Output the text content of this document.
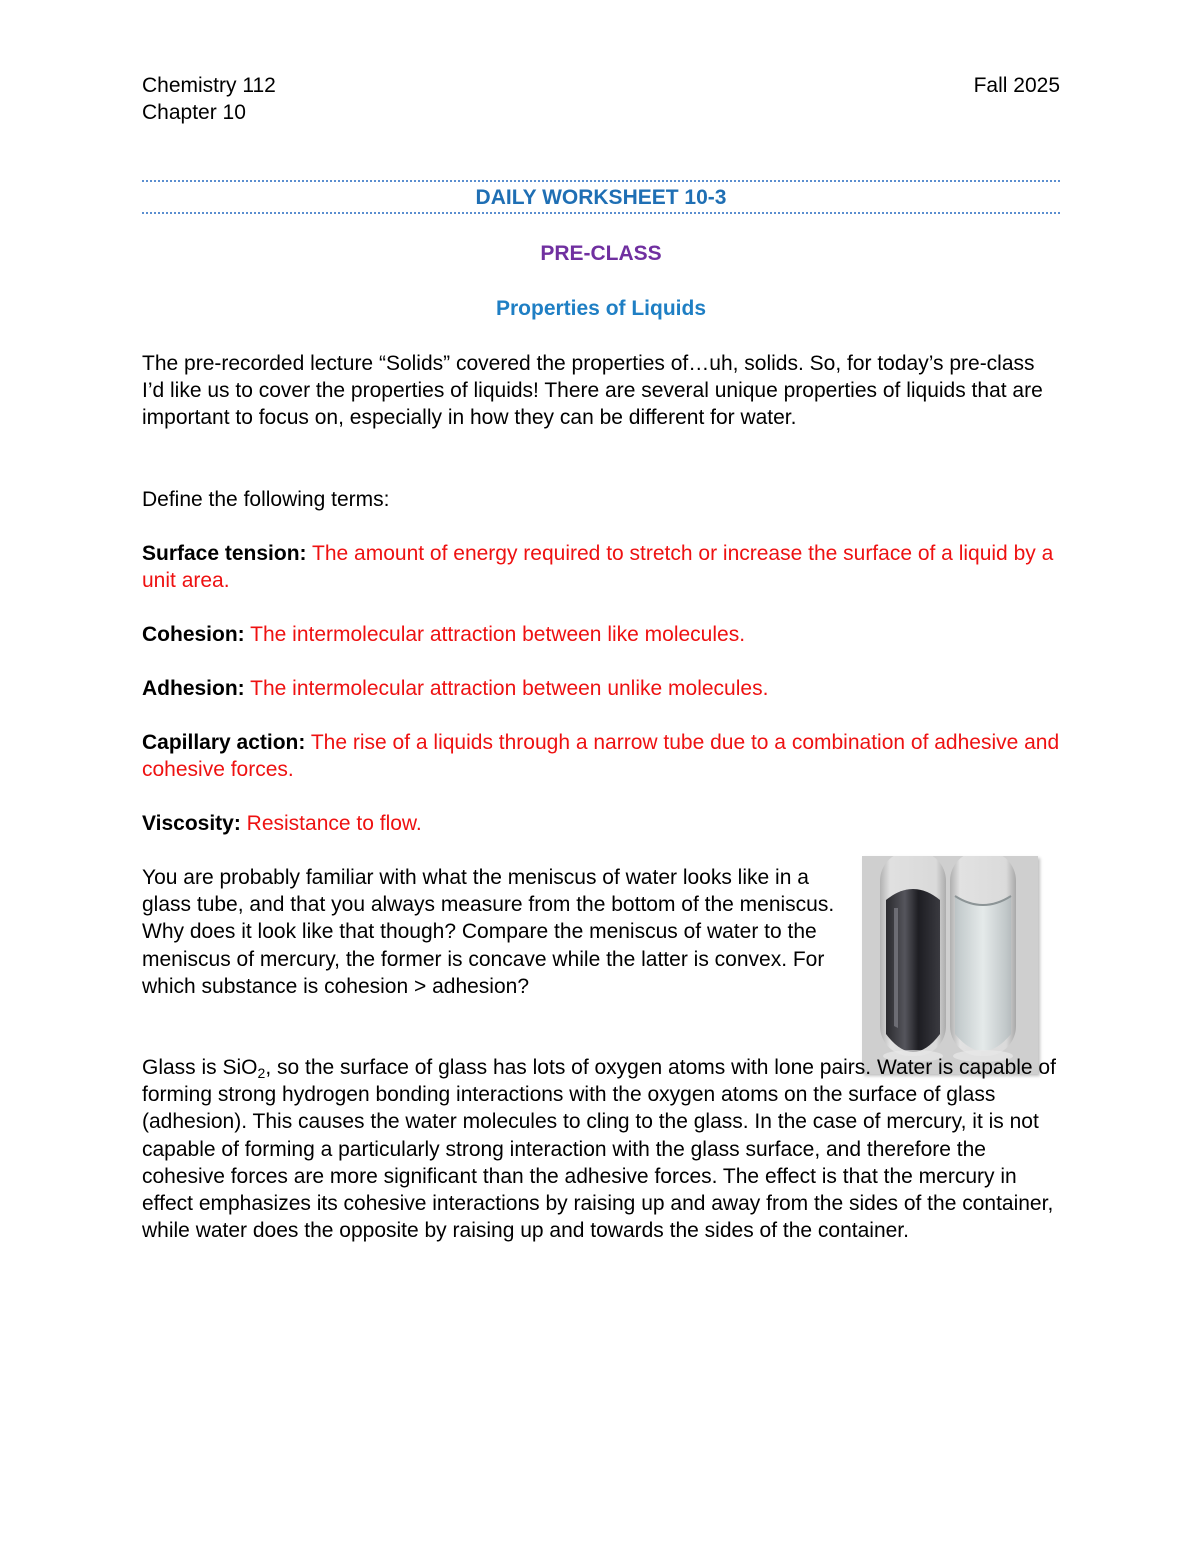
Chemistry 112
Chapter 10
Fall 2025
DAILY WORKSHEET 10-3
PRE-CLASS
Properties of Liquids
The pre-recorded lecture “Solids” covered the properties of…uh, solids. So, for today’s pre-class I’d like us to cover the properties of liquids! There are several unique properties of liquids that are important to focus on, especially in how they can be different for water.
Define the following terms:
Surface tension: The amount of energy required to stretch or increase the surface of a liquid by a unit area.
Cohesion: The intermolecular attraction between like molecules.
Adhesion: The intermolecular attraction between unlike molecules.
Capillary action: The rise of a liquids through a narrow tube due to a combination of adhesive and cohesive forces.
Viscosity: Resistance to flow.
You are probably familiar with what the meniscus of water looks like in a glass tube, and that you always measure from the bottom of the meniscus. Why does it look like that though? Compare the meniscus of water to the meniscus of mercury, the former is concave while the latter is convex. For which substance is cohesion > adhesion?
Glass is SiO$_2$, so the surface of glass has lots of oxygen atoms with lone pairs. Water is capable of forming strong hydrogen bonding interactions with the oxygen atoms on the surface of glass (adhesion). This causes the water molecules to cling to the glass. In the case of mercury, it is not capable of forming a particularly strong interaction with the glass surface, and therefore the cohesive forces are more significant than the adhesive forces. The effect is that the mercury in effect emphasizes its cohesive interactions by raising up and away from the sides of the container, while water does the opposite by raising up and towards the sides of the container.
